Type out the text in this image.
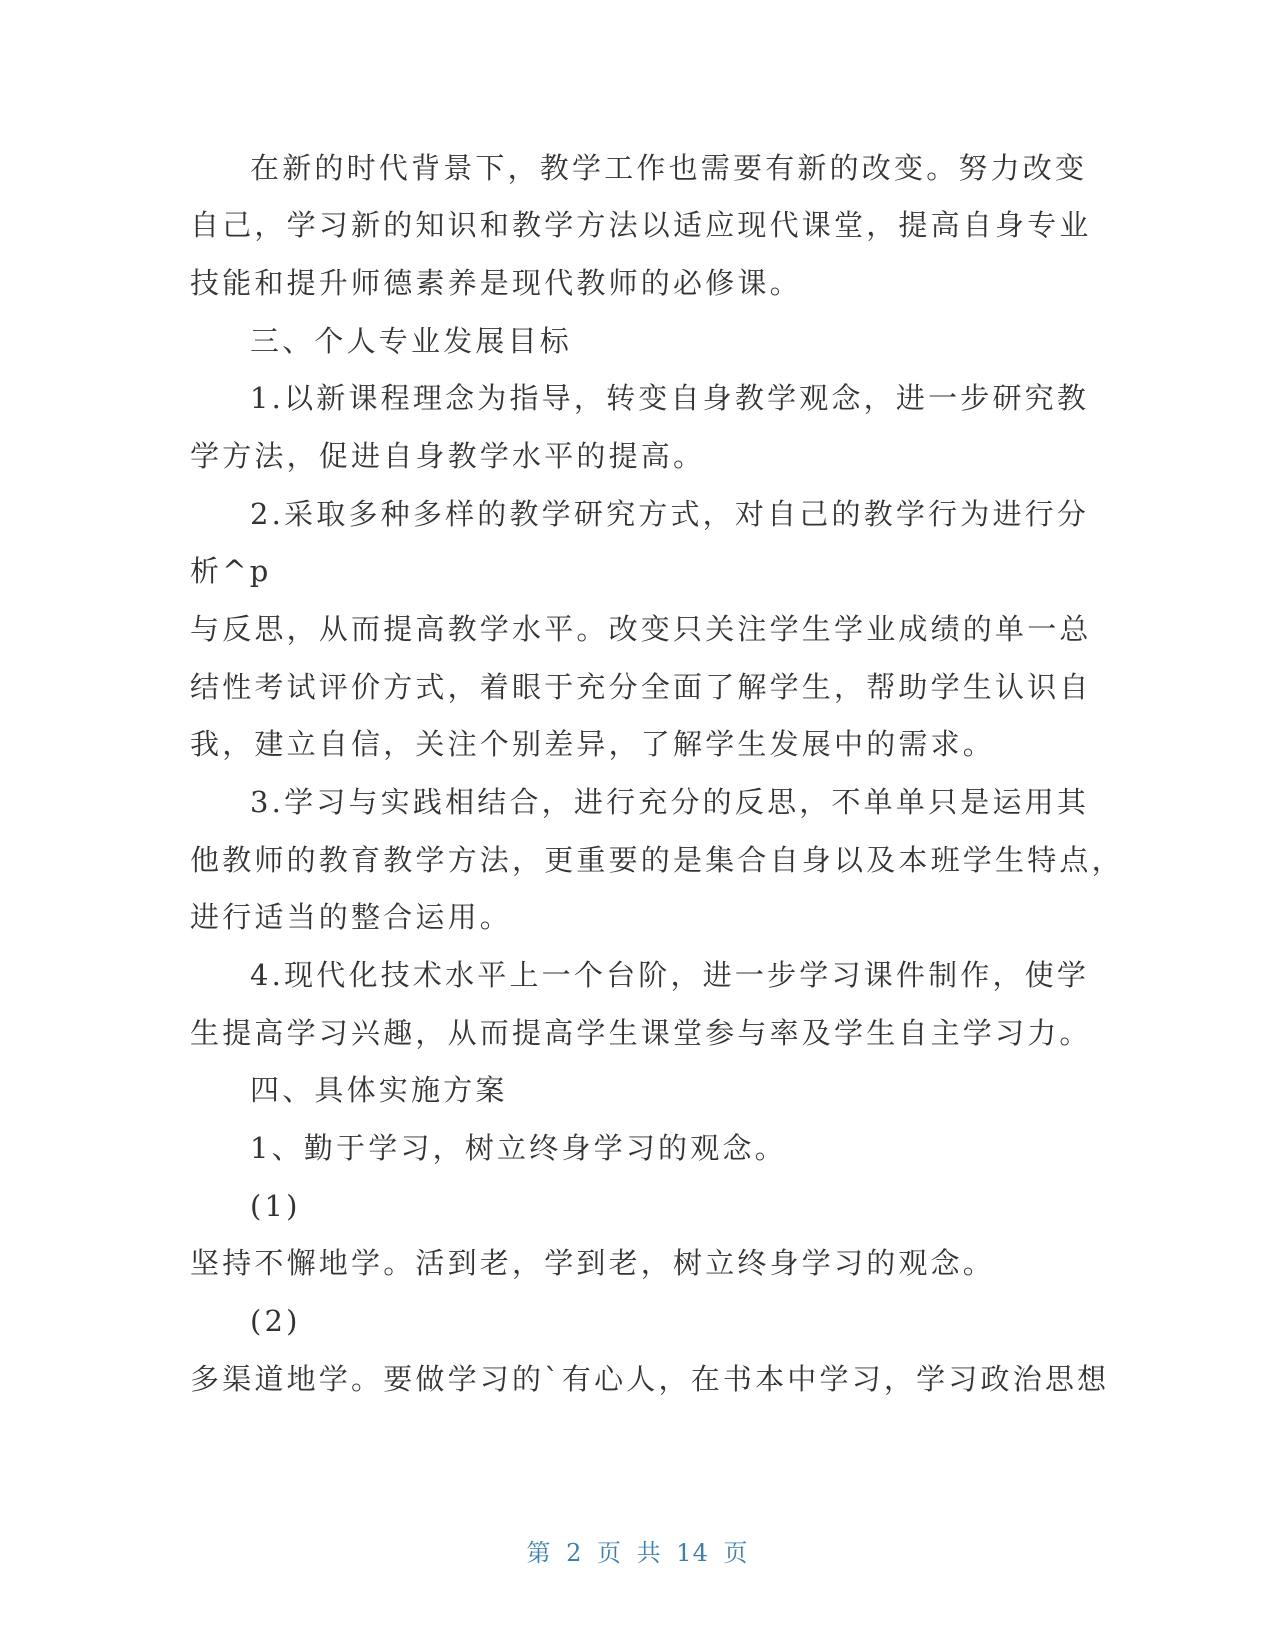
在新的时代背景下，教学工作也需要有新的改变。努力改变
自己，学习新的知识和教学方法以适应现代课堂，提高自身专业
技能和提升师德素养是现代教师的必修课。
三、个人专业发展目标
1.以新课程理念为指导，转变自身教学观念，进一步研究教
学方法，促进自身教学水平的提高。
2.采取多种多样的教学研究方式，对自己的教学行为进行分
析^p
与反思，从而提高教学水平。改变只关注学生学业成绩的单一总
结性考试评价方式，着眼于充分全面了解学生，帮助学生认识自
我，建立自信，关注个别差异，了解学生发展中的需求。
3.学习与实践相结合，进行充分的反思，不单单只是运用其
他教师的教育教学方法，更重要的是集合自身以及本班学生特点，
进行适当的整合运用。
4.现代化技术水平上一个台阶，进一步学习课件制作，使学
生提高学习兴趣，从而提高学生课堂参与率及学生自主学习力。
四、具体实施方案
1、勤于学习，树立终身学习的观念。
(1)
坚持不懈地学。活到老，学到老，树立终身学习的观念。
(2)
多渠道地学。要做学习的`有心人，在书本中学习，学习政治思想
第 2 页 共 14 页
